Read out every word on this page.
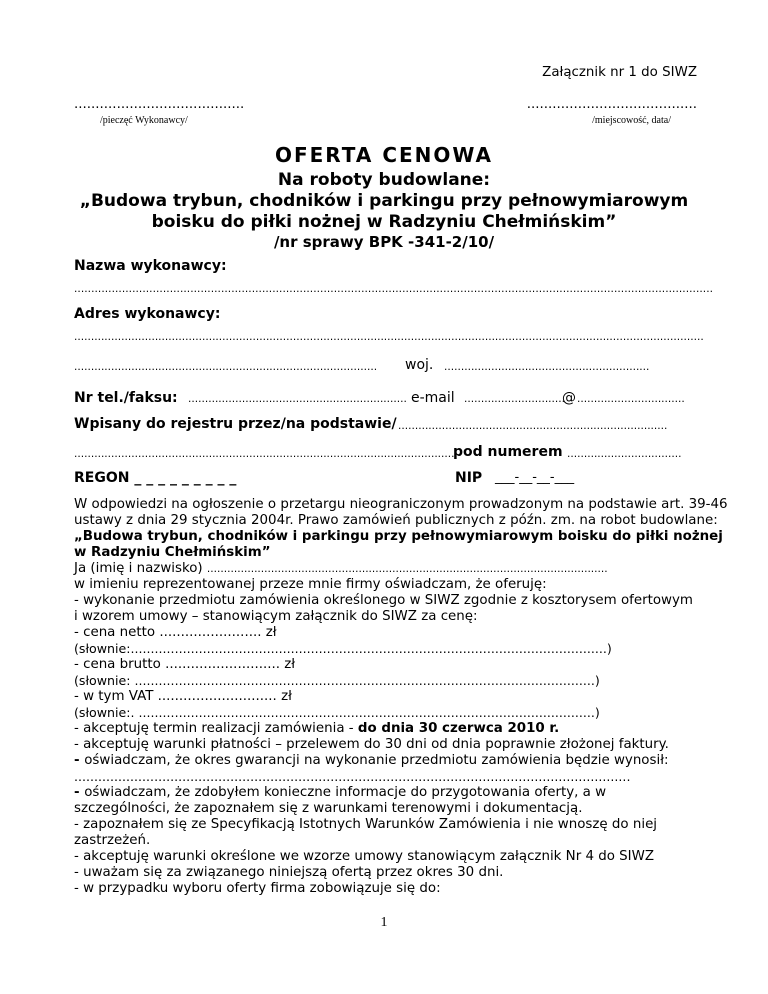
Załącznik nr 1 do SIWZ
........................................
/pieczęć Wykonawcy/
........................................
/miejscowość, data/
OFERTA CENOWA
Na roboty budowlane:
„Budowa trybun, chodników i parkingu przy pełnowymiarowym
boisku do piłki nożnej w Radzyniu Chełmińskim”
/nr sprawy BPK -341-2/10/
Nazwa wykonawcy:
...........................................................................................................................................................................................
Adres wykonawcy:
...........................................................................................................................................................................................
.......................................................................................... woj. .............................................................
Nr tel./faksu: ................................................................. e-mail ..............................
@ ................................
Wpisany do rejestru przez/na podstawie/ ................................................................................
.................................................................................................................
pod numerem ..................................
REGON _ _ _ _ _ _ _ _ _	NIP ___-__-__-___
W odpowiedzi na ogłoszenie o przetargu nieograniczonym prowadzonym na podstawie art. 39-46
ustawy z dnia 29 stycznia 2004r. Prawo zamówień publicznych z późn. zm. na robot budowlane:
„Budowa trybun, chodników i parkingu przy pełnowymiarowym boisku do piłki nożnej
w Radzyniu Chełmińskim”
Ja (imię i nazwisko) .......................................................................................................................
w imieniu reprezentowanej przeze mnie firmy oświadczam, że oferuję:
- wykonanie przedmiotu zamówienia określonego w SIWZ zgodnie z kosztorysem ofertowym
i wzorem umowy – stanowiącym załącznik do SIWZ za cenę:
- cena netto ........................ zł
(słownie:.......................................................................................................................)
- cena brutto ........................... zł
(słownie: ...................................................................................................................)
- w tym VAT ............................ zł
(słownie:. ..................................................................................................................)
- akceptuję termin realizacji zamówienia - do dnia 30 czerwca 2010 r.
- akceptuję warunki płatności – przelewem do 30 dni od dnia poprawnie złożonej faktury.
- oświadczam, że okres gwarancji na wykonanie przedmiotu zamówienia będzie wynosił:
...........................................................................................................................................
- oświadczam, że zdobyłem konieczne informacje do przygotowania oferty, a w
szczególności, że zapoznałem się z warunkami terenowymi i dokumentacją.
- zapoznałem się ze Specyfikacją Istotnych Warunków Zamówienia i nie wnoszę do niej
zastrzeżeń.
- akceptuję warunki określone we wzorze umowy stanowiącym załącznik Nr 4 do SIWZ
- uważam się za związanego niniejszą ofertą przez okres 30 dni.
- w przypadku wyboru oferty firma zobowiązuje się do:
1
